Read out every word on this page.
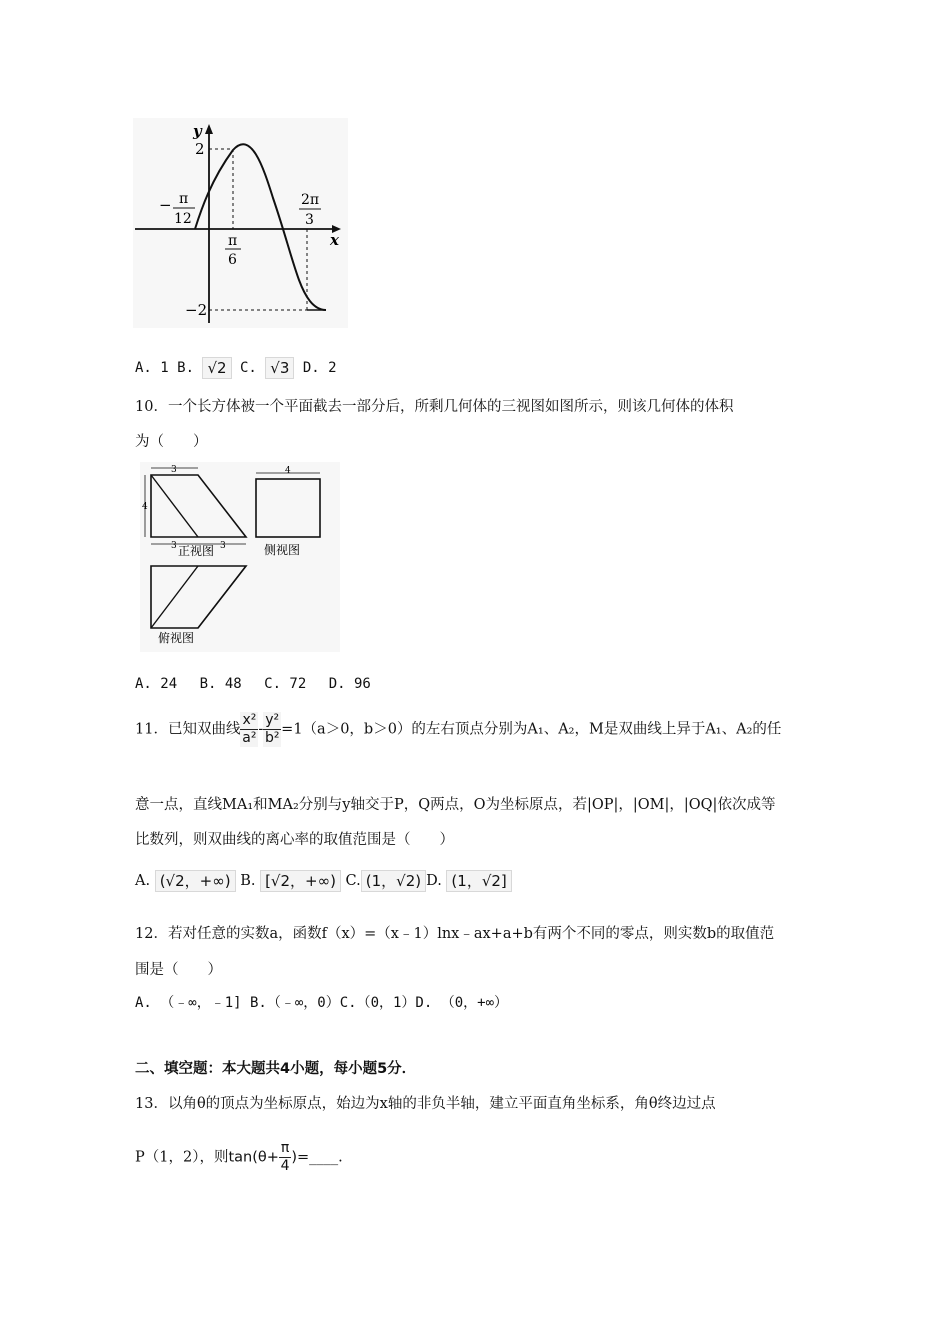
y
x
2
−2
− π
12
π
6
2π
3
A. 1 B. √2 C. √3 D. 2
10．一个长方体被一个平面截去一部分后，所剩几何体的三视图如图所示，则该几何体的体积
为（　　）
3
4
3	3
正视图
4
侧视图
俯视图
A. 24　 B. 48　 C. 72　 D. 96
11．已知双曲线 $\frac{\text{x²}}{\text{a²}} - \frac{\text{y²}}{\text{b²}} =1(a>0$，b＞0）的左右顶点分别为A₁、A₂，M是双曲线上异于A₁、A₂的任
意一点，直线MA₁和MA₂分别与y轴交于P，Q两点，O为坐标原点，若|OP|，|OM|，|OQ|依次成等
比数列，则双曲线的离心率的取值范围是（　　）
A. (√2，+∞) B. [√2，+∞) C. (1，√2) D. (1，√2]
12．若对任意的实数a，函数f（x）=（x﹣1）lnx﹣ax+a+b有两个不同的零点，则实数b的取值范
围是（　　）
A. （﹣∞，﹣1] B.（﹣∞，0）C.（0，1）D. （0，+∞）
二、填空题：本大题共4小题，每小题5分．
13．以角θ的顶点为坐标原点，始边为x轴的非负半轴，建立平面直角坐标系，角θ终边过点
P（1，2），则$\tan(\theta+ \frac{\pi}{4}$ )=____.
